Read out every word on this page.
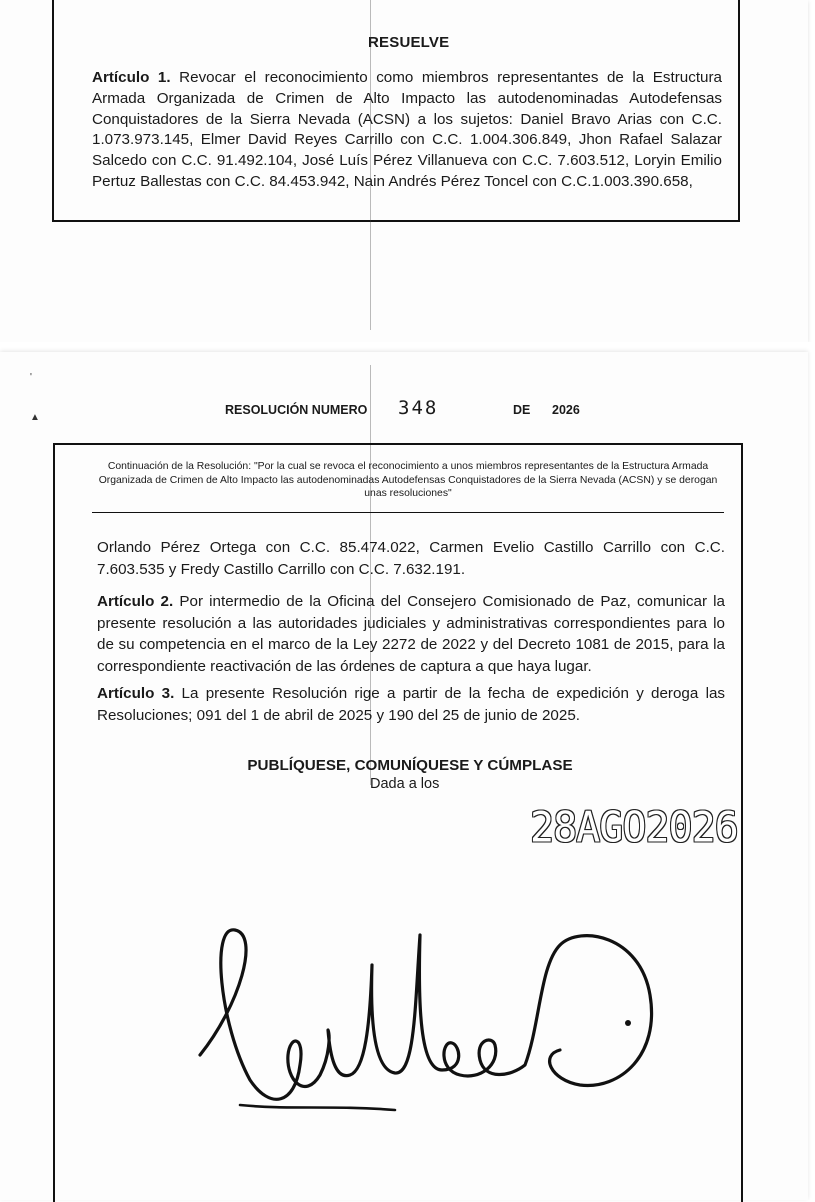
RESUELVE
Artículo 1. Revocar el reconocimiento como miembros representantes de la Estructura Armada Organizada de Crimen de Alto Impacto las autodenominadas Autodefensas Conquistadores de la Sierra Nevada (ACSN) a los sujetos: Daniel Bravo Arias con C.C. 1.073.973.145, Elmer David Reyes Carrillo con C.C. 1.004.306.849, Jhon Rafael Salazar Salcedo con C.C. 91.492.104, José Luís Pérez Villanueva con C.C. 7.603.512, Loryin Emilio Pertuz Ballestas con C.C. 84.453.942, Nain Andrés Pérez Toncel con C.C.1.003.390.658,
'
▲
RESOLUCIÓN NUMERO 348	DE 2026
Continuación de la Resolución: "Por la cual se revoca el reconocimiento a unos miembros representantes de la Estructura Armada Organizada de Crimen de Alto Impacto las autodenominadas Autodefensas Conquistadores de la Sierra Nevada (ACSN) y se derogan unas resoluciones"
Orlando Pérez Ortega con C.C. 85.474.022, Carmen Evelio Castillo Carrillo con C.C. 7.603.535 y Fredy Castillo Carrillo con C.C. 7.632.191.
Artículo 2. Por intermedio de la Oficina del Consejero Comisionado de Paz, comunicar la presente resolución a las autoridades judiciales y administrativas correspondientes para lo de su competencia en el marco de la Ley 2272 de 2022 y del Decreto 1081 de 2015, para la correspondiente reactivación de las órdenes de captura a que haya lugar.
Artículo 3. La presente Resolución rige a partir de la fecha de expedición y deroga las Resoluciones; 091 del 1 de abril de 2025 y 190 del 25 de junio de 2025.
PUBLÍQUESE, COMUNÍQUESE Y CÚMPLASE
Dada a los
28AGO2026
